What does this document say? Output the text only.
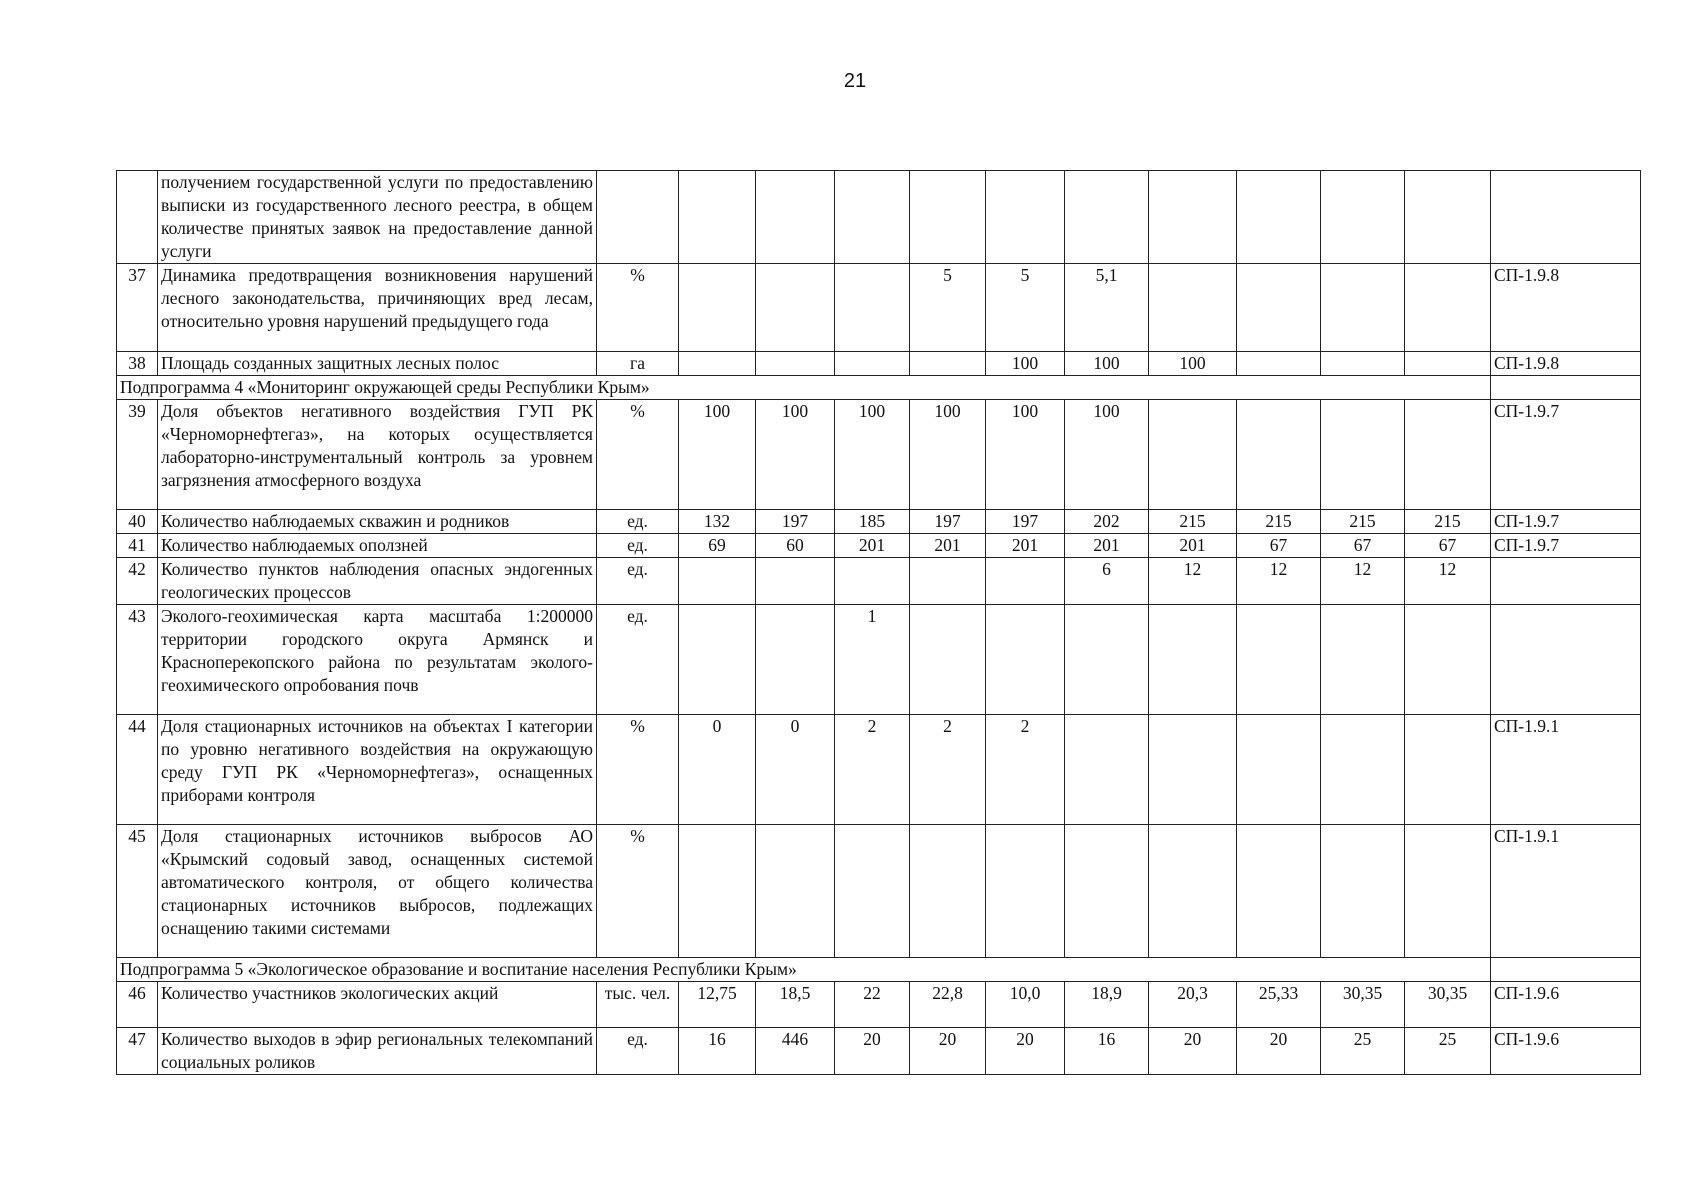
21
	получением государственной услуги по предоставлению выписки из государственного лесного реестра, в общем количестве принятых заявок на предоставление данной услуги												
37	Динамика предотвращения возникновения нарушений лесного законодательства, причиняющих вред лесам, относительно уровня нарушений предыдущего года	%				5	5	5,1					СП-1.9.8
38	Площадь созданных защитных лесных полос	га					100	100	100				СП-1.9.8
Подпрограмма 4 «Мониторинг окружающей среды Республики Крым»													
39	Доля объектов негативного воздействия ГУП РК «Черноморнефтегаз», на которых осуществляется лабораторно-инструментальный контроль за уровнем загрязнения атмосферного воздуха	%	100	100	100	100	100	100					СП-1.9.7
40	Количество наблюдаемых скважин и родников	ед.	132	197	185	197	197	202	215	215	215	215	СП-1.9.7
41	Количество наблюдаемых оползней	ед.	69	60	201	201	201	201	201	67	67	67	СП-1.9.7
42	Количество пунктов наблюдения опасных эндогенных геологических процессов	ед.						6	12	12	12	12	
43	Эколого-геохимическая карта масштаба 1:200000 территории городского округа Армянск и Красноперекопского района по результатам эколого-геохимического опробования почв	ед.			1								
44	Доля стационарных источников на объектах I категории по уровню негативного воздействия на окружающую среду ГУП РК «Черноморнефтегаз», оснащенных приборами контроля	%	0	0	2	2	2						СП-1.9.1
45	Доля стационарных источников выбросов АО «Крымский содовый завод, оснащенных системой автоматического контроля, от общего количества стационарных источников выбросов, подлежащих оснащению такими системами	%											СП-1.9.1
Подпрограмма 5 «Экологическое образование и воспитание населения Республики Крым»													
46	Количество участников экологических акций	тыс. чел.	12,75	18,5	22	22,8	10,0	18,9	20,3	25,33	30,35	30,35	СП-1.9.6
47	Количество выходов в эфир региональных телекомпаний социальных роликов	ед.	16	446	20	20	20	16	20	20	25	25	СП-1.9.6
